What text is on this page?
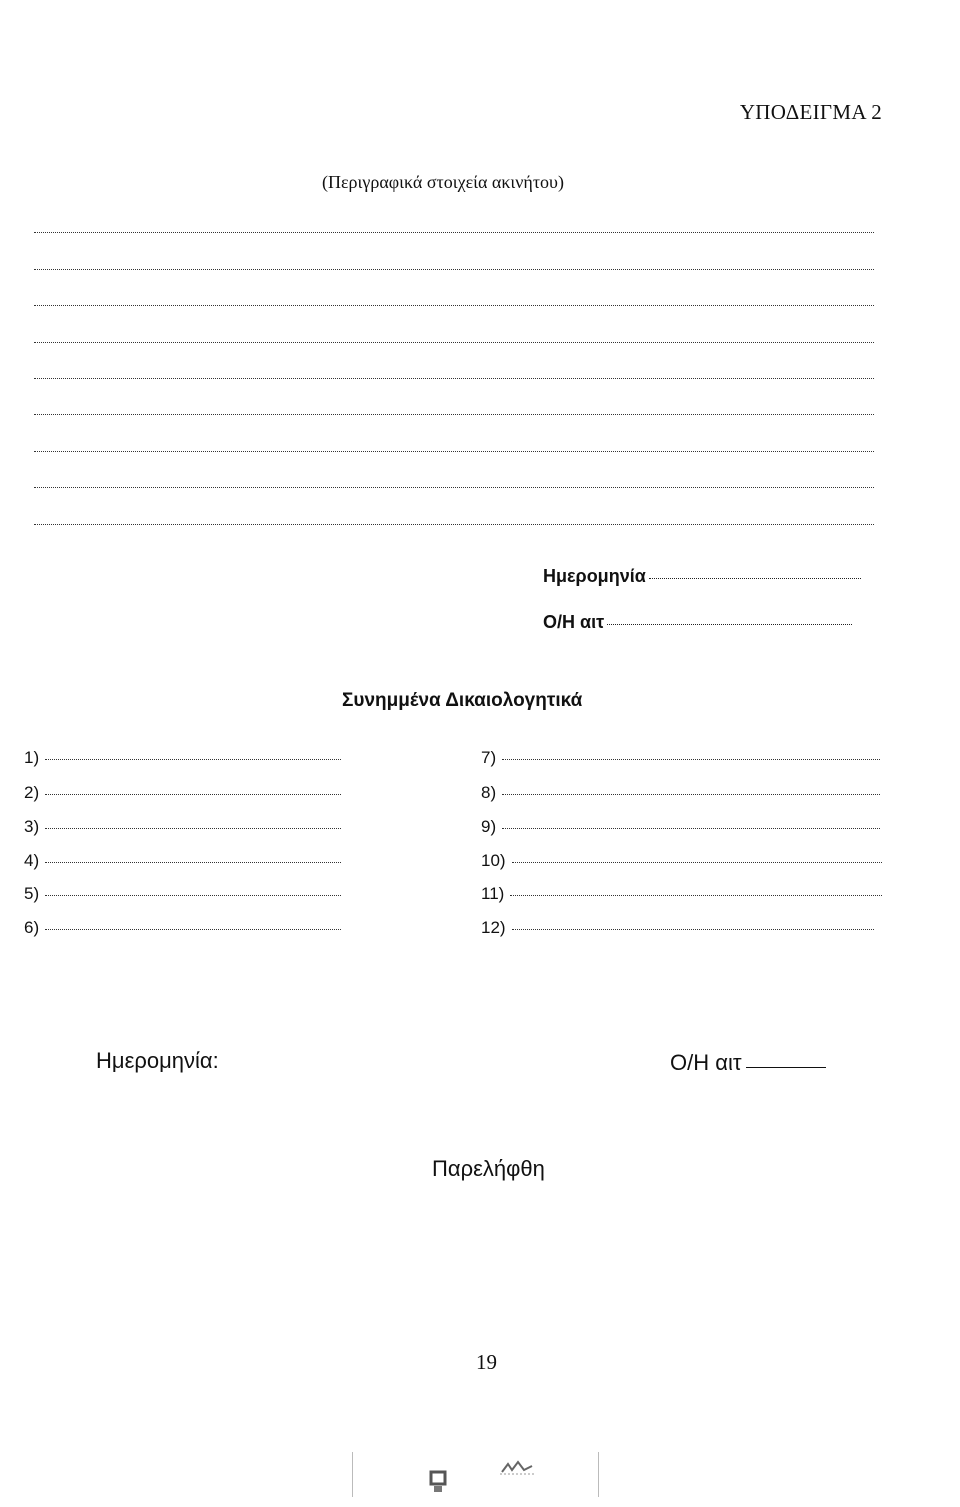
ΥΠΟΔΕΙΓΜΑ 2
(Περιγραφικά στοιχεία ακινήτου)
Ημερομηνία
Ο/Η αιτ
Συνημμένα Δικαιολογητικά
1)
2)
3)
4)
5)
6)
7)
8)
9)
10)
11)
12)
Ημερομηνία:	Ο/Η αιτ
Παρελήφθη
19
